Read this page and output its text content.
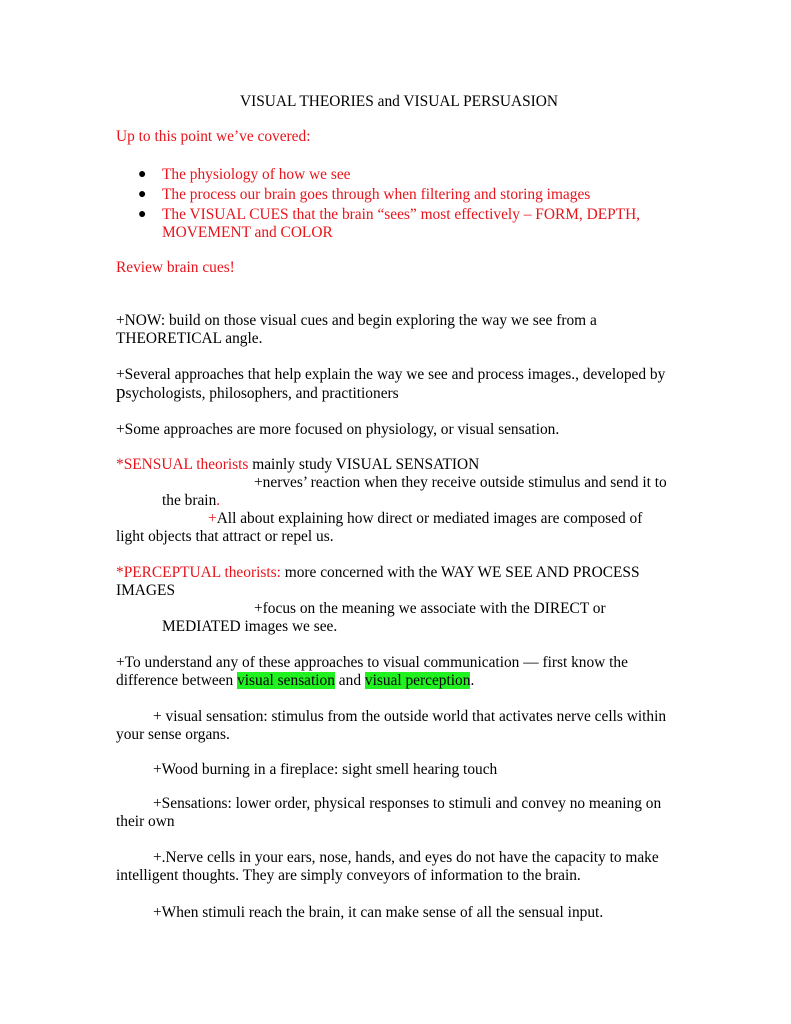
VISUAL THEORIES and VISUAL PERSUASION

Up to this point we’ve covered:

● The physiology of how we see
● The process our brain goes through when filtering and storing images
● The VISUAL CUES that the brain “sees” most effectively – FORM, DEPTH, MOVEMENT and COLOR

Review brain cues!

+NOW: build on those visual cues and begin exploring the way we see from a THEORETICAL angle.

+Several approaches that help explain the way we see and process images., developed by psychologists, philosophers, and practitioners

+Some approaches are more focused on physiology, or visual sensation.

*SENSUAL theorists mainly study VISUAL SENSATION

+nerves’ reaction when they receive outside stimulus and send it to the brain.

+All about explaining how direct or mediated images are composed of light objects that attract or repel us.

*PERCEPTUAL theorists: more concerned with the WAY WE SEE AND PROCESS IMAGES

+focus on the meaning we associate with the DIRECT or MEDIATED images we see.

+To understand any of these approaches to visual communication — first know the difference between visual sensation and visual perception.

+ visual sensation: stimulus from the outside world that activates nerve cells within your sense organs.

+Wood burning in a fireplace: sight smell hearing touch

+Sensations: lower order, physical responses to stimuli and convey no meaning on their own

+.Nerve cells in your ears, nose, hands, and eyes do not have the capacity to make intelligent thoughts. They are simply conveyors of information to the brain.

+When stimuli reach the brain, it can make sense of all the sensual input.
